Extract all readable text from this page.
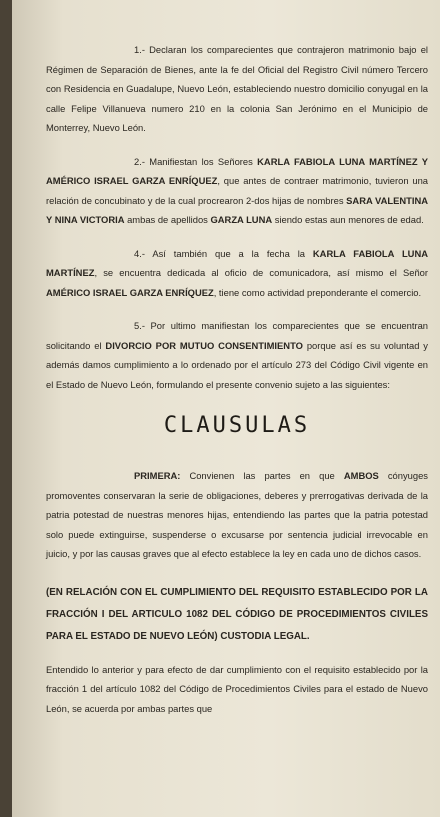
1.- Declaran los comparecientes que contrajeron matrimonio bajo el Régimen de Separación de Bienes, ante la fe del Oficial del Registro Civil número Tercero con Residencia en Guadalupe, Nuevo León, estableciendo nuestro domicilio conyugal en la calle Felipe Villanueva numero 210 en la colonia San Jerónimo en el Municipio de Monterrey, Nuevo León.

2.- Manifiestan los Señores KARLA FABIOLA LUNA MARTÍNEZ Y AMÉRICO ISRAEL GARZA ENRÍQUEZ, que antes de contraer matrimonio, tuvieron una relación de concubinato y de la cual procrearon 2-dos hijas de nombres SARA VALENTINA Y NINA VICTORIA ambas de apellidos GARZA LUNA siendo estas aun menores de edad.

4.- Así también que a la fecha la KARLA FABIOLA LUNA MARTÍNEZ, se encuentra dedicada al oficio de comunicadora, así mismo el Señor AMÉRICO ISRAEL GARZA ENRÍQUEZ, tiene como actividad preponderante el comercio.

5.- Por ultimo manifiestan los comparecientes que se encuentran solicitando el DIVORCIO POR MUTUO CONSENTIMIENTO porque así es su voluntad y además damos cumplimiento a lo ordenado por el artículo 273 del Código Civil vigente en el Estado de Nuevo León, formulando el presente convenio sujeto a las siguientes:

CLAUSULAS

PRIMERA: Convienen las partes en que AMBOS cónyuges promoventes conservaran la serie de obligaciones, deberes y prerrogativas derivada de la patria potestad de nuestras menores hijas, entendiendo las partes que la patria potestad solo puede extinguirse, suspenderse o excusarse por sentencia judicial irrevocable en juicio, y por las causas graves que al efecto establece la ley en cada uno de dichos casos.

(EN RELACIÓN CON EL CUMPLIMIENTO DEL REQUISITO ESTABLECIDO POR LA FRACCIÓN I DEL ARTICULO 1082 DEL CÓDIGO DE PROCEDIMIENTOS CIVILES PARA EL ESTADO DE NUEVO LEÓN) CUSTODIA LEGAL.

Entendido lo anterior y para efecto de dar cumplimiento con el requisito establecido por la fracción 1 del artículo 1082 del Código de Procedimientos Civiles para el estado de Nuevo León, se acuerda por ambas partes que
